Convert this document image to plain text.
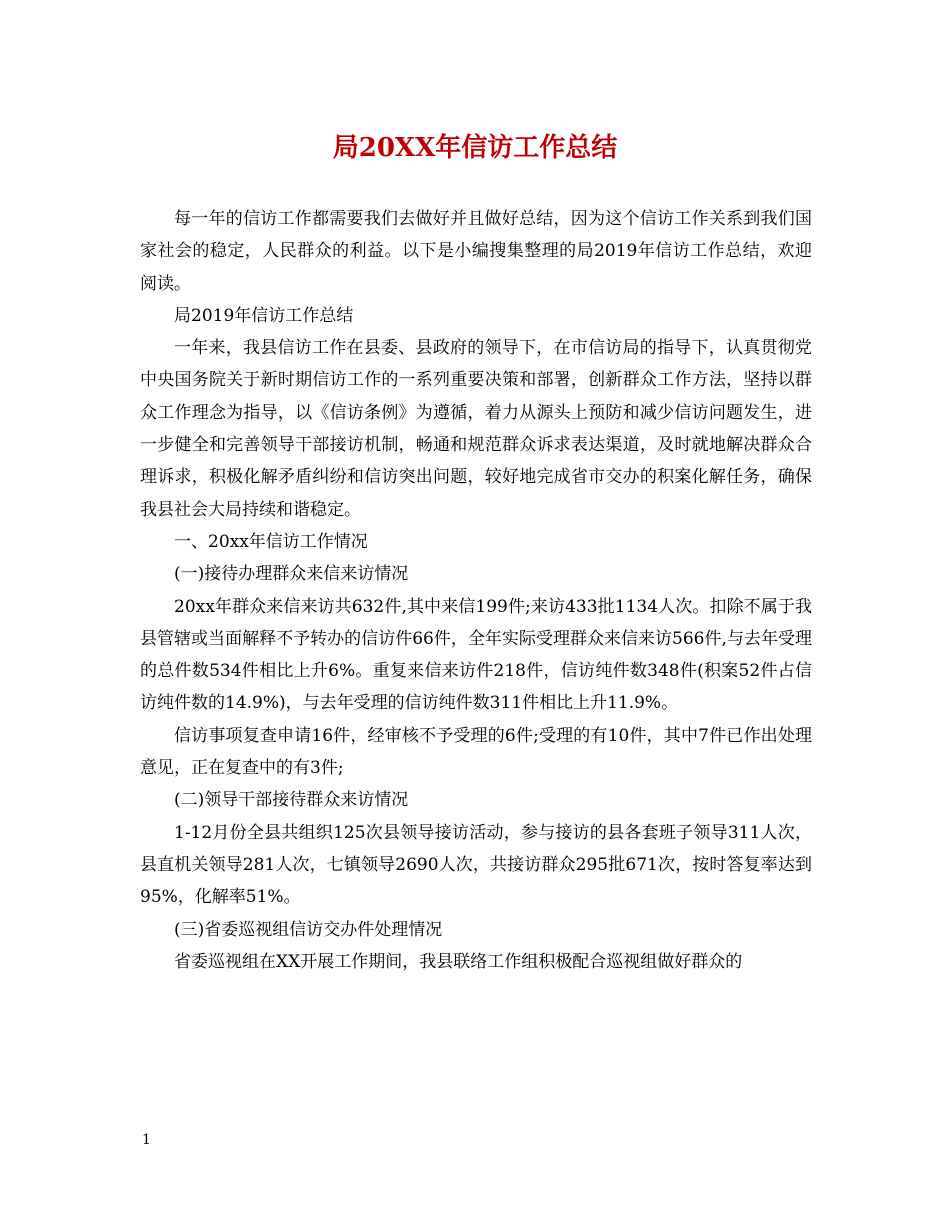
局20XX年信访工作总结

每一年的信访工作都需要我们去做好并且做好总结，因为这个信访工作关系到我们国家社会的稳定，人民群众的利益。以下是小编搜集整理的局2019年信访工作总结，欢迎阅读。

局2019年信访工作总结

一年来，我县信访工作在县委、县政府的领导下，在市信访局的指导下，认真贯彻党中央国务院关于新时期信访工作的一系列重要决策和部署，创新群众工作方法，坚持以群众工作理念为指导，以《信访条例》为遵循，着力从源头上预防和减少信访问题发生，进一步健全和完善领导干部接访机制，畅通和规范群众诉求表达渠道，及时就地解决群众合理诉求，积极化解矛盾纠纷和信访突出问题，较好地完成省市交办的积案化解任务，确保我县社会大局持续和谐稳定。

一、20xx年信访工作情况

(一)接待办理群众来信来访情况

20xx年群众来信来访共632件,其中来信199件;来访433批1134人次。扣除不属于我县管辖或当面解释不予转办的信访件66件，全年实际受理群众来信来访566件,与去年受理的总件数534件相比上升6%。重复来信来访件218件，信访纯件数348件(积案52件占信访纯件数的14.9%)，与去年受理的信访纯件数311件相比上升11.9%。

信访事项复查申请16件，经审核不予受理的6件;受理的有10件，其中7件已作出处理意见，正在复查中的有3件;

(二)领导干部接待群众来访情况

1-12月份全县共组织125次县领导接访活动，参与接访的县各套班子领导311人次，县直机关领导281人次，七镇领导2690人次，共接访群众295批671次，按时答复率达到95%，化解率51%。

(三)省委巡视组信访交办件处理情况

省委巡视组在XX开展工作期间，我县联络工作组积极配合巡视组做好群众的

1
